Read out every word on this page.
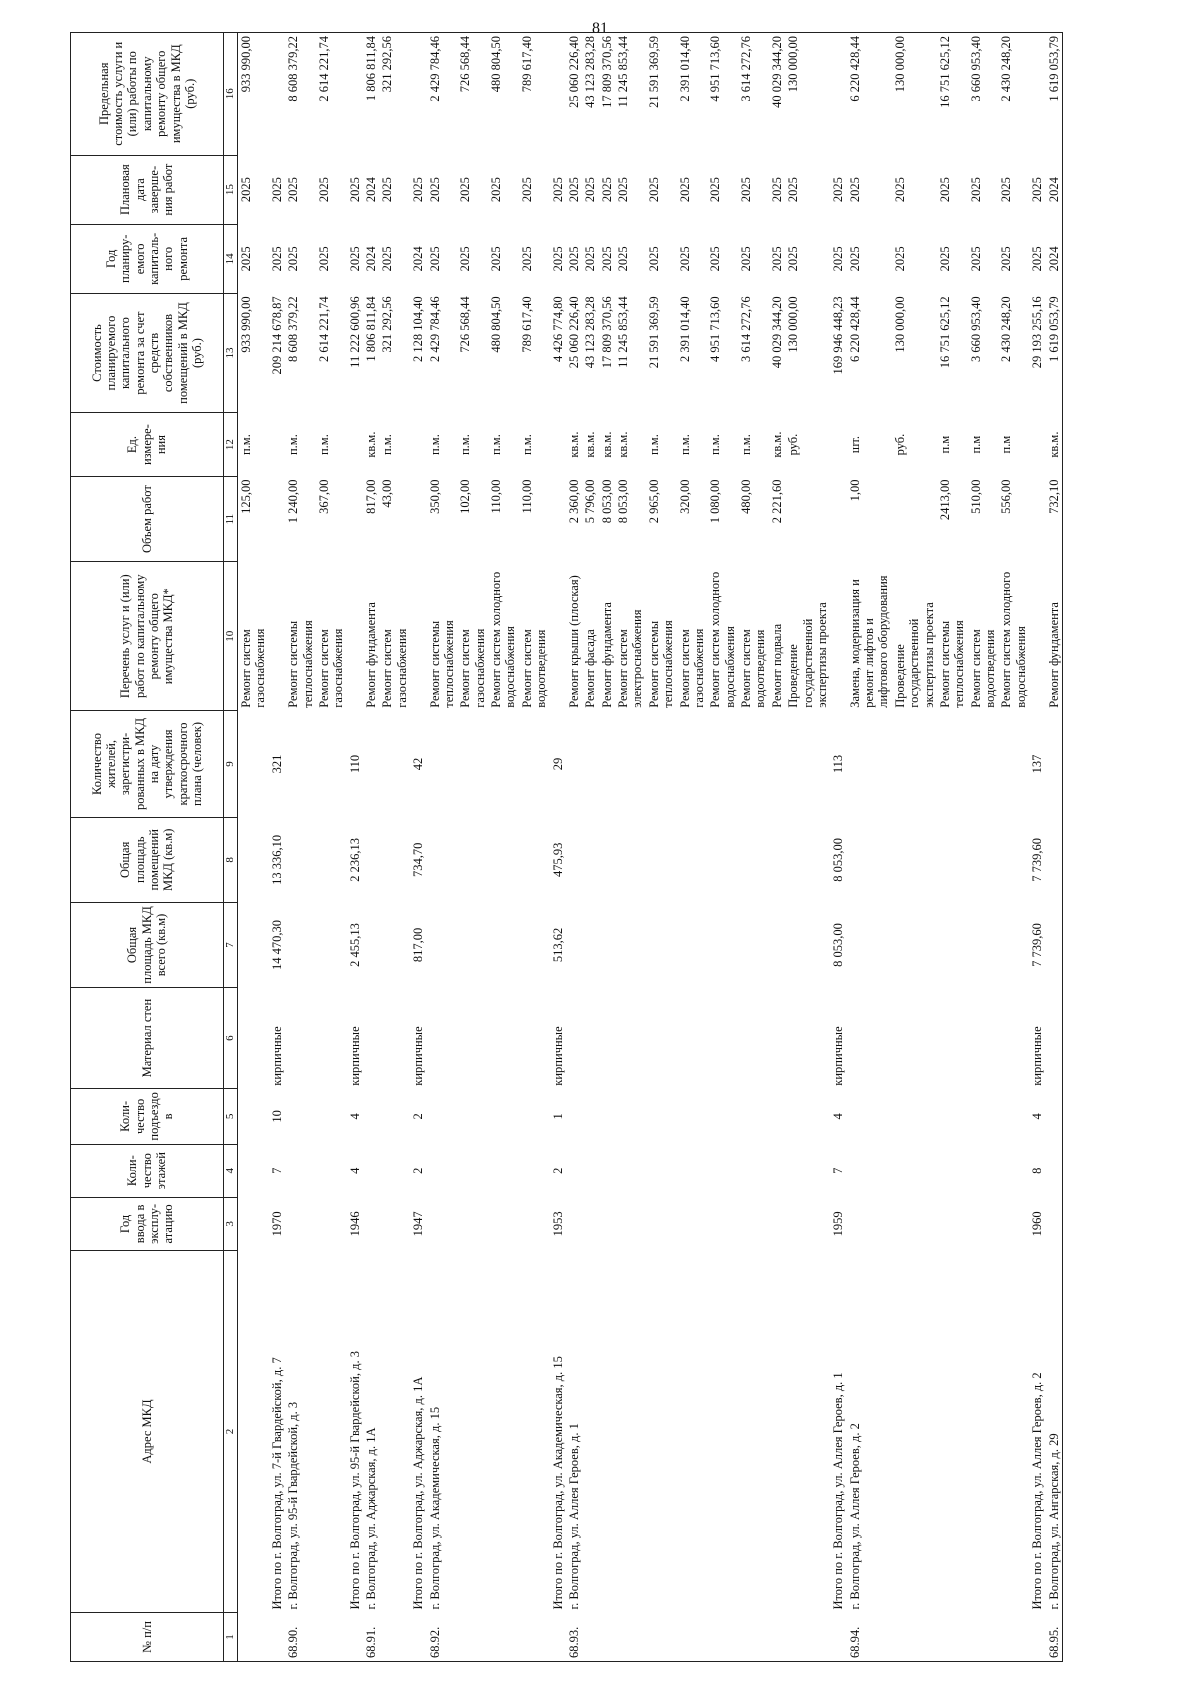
81
№ п/п	Адрес МКД	Год ввода в эксплу-атацию	Коли-чество этажей	Коли-чество подъездо в	Материал стен	Общая площадь МКД всего (кв.м)	Общая площадь помещений МКД (кв.м)	Количество жителей, зарегистри-рованных в МКД на дату утверждения краткосрочного плана (человек)	Перечень услуг и (или) работ по капитальному ремонту общего имущества МКД*	Объем работ	Ед. измере-ния	Стоимость планируемого капитального ремонта за счет средств собственников помещений в МКД (руб.)	Год планиру-емого капиталь-ного ремонта	Плановая дата заверше-ния работ	Предельная стоимость услуги и (или) работы по капитальному ремонту общего имущества в МКД (руб.)
1	2	3	4	5	6	7	8	9	10	11	12	13	14	15	16
									Ремонт систем газоснабжения	125,00	п.м.	933 990,00	2025	2025	933 990,00
	Итого по г. Волгоград, ул. 7-й Гвардейской, д. 7	1970	7	10	кирпичные	14 470,30	13 336,10	321				209 214 678,87	2025	2025	
68.90.	г. Волгоград, ул. 95-й Гвардейской, д. 3								Ремонт системы теплоснабжения	1 240,00	п.м.	8 608 379,22	2025	2025	8 608 379,22
									Ремонт систем газоснабжения	367,00	п.м.	2 614 221,74	2025	2025	2 614 221,74
	Итого по г. Волгоград, ул. 95-й Гвардейской, д. 3	1946	4	4	кирпичные	2 455,13	2 236,13	110				11 222 600,96	2025	2025	
68.91.	г. Волгоград, ул. Аджарская, д. 1А								Ремонт фундамента	817,00	кв.м.	1 806 811,84	2024	2024	1 806 811,84
									Ремонт систем газоснабжения	43,00	п.м.	321 292,56	2025	2025	321 292,56
	Итого по г. Волгоград, ул. Аджарская, д. 1А	1947	2	2	кирпичные	817,00	734,70	42				2 128 104,40	2024	2025	
68.92.	г. Волгоград, ул. Академическая, д. 15								Ремонт системы теплоснабжения	350,00	п.м.	2 429 784,46	2025	2025	2 429 784,46
									Ремонт систем газоснабжения	102,00	п.м.	726 568,44	2025	2025	726 568,44
									Ремонт систем холодного водоснабжения	110,00	п.м.	480 804,50	2025	2025	480 804,50
									Ремонт систем водоотведения	110,00	п.м.	789 617,40	2025	2025	789 617,40
	Итого по г. Волгоград, ул. Академическая, д. 15	1953	2	1	кирпичные	513,62	475,93	29				4 426 774,80	2025	2025	
68.93.	г. Волгоград, ул. Аллея Героев, д. 1								Ремонт крыши (плоская)	2 360,00	кв.м.	25 060 226,40	2025	2025	25 060 226,40
									Ремонт фасада	5 796,00	кв.м.	43 123 283,28	2025	2025	43 123 283,28
									Ремонт фундамента	8 053,00	кв.м.	17 809 370,56	2025	2025	17 809 370,56
									Ремонт систем электроснабжения	8 053,00	кв.м.	11 245 853,44	2025	2025	11 245 853,44
									Ремонт системы теплоснабжения	2 965,00	п.м.	21 591 369,59	2025	2025	21 591 369,59
									Ремонт систем газоснабжения	320,00	п.м.	2 391 014,40	2025	2025	2 391 014,40
									Ремонт систем холодного водоснабжения	1 080,00	п.м.	4 951 713,60	2025	2025	4 951 713,60
									Ремонт систем водоотведения	480,00	п.м.	3 614 272,76	2025	2025	3 614 272,76
									Ремонт подвала	2 221,60	кв.м.	40 029 344,20	2025	2025	40 029 344,20
									Проведение государственной экспертизы проекта		руб.	130 000,00	2025	2025	130 000,00
	Итого по г. Волгоград, ул. Аллея Героев, д. 1	1959	7	4	кирпичные	8 053,00	8 053,00	113				169 946 448,23	2025	2025	
68.94.	г. Волгоград, ул. Аллея Героев, д. 2								Замена, модернизация и ремонт лифтов и лифтового оборудования	1,00	шт.	6 220 428,44	2025	2025	6 220 428,44
									Проведение государственной экспертизы проекта		руб.	130 000,00	2025	2025	130 000,00
									Ремонт системы теплоснабжения	2413,00	п.м	16 751 625,12	2025	2025	16 751 625,12
									Ремонт систем водоотведения	510,00	п.м	3 660 953,40	2025	2025	3 660 953,40
									Ремонт систем холодного водоснабжения	556,00	п.м	2 430 248,20	2025	2025	2 430 248,20
	Итого по г. Волгоград, ул. Аллея Героев, д. 2	1960	8	4	кирпичные	7 739,60	7 739,60	137				29 193 255,16	2025	2025	
68.95.	г. Волгоград, ул. Ангарская, д. 29								Ремонт фундамента	732,10	кв.м.	1 619 053,79	2024	2024	1 619 053,79
